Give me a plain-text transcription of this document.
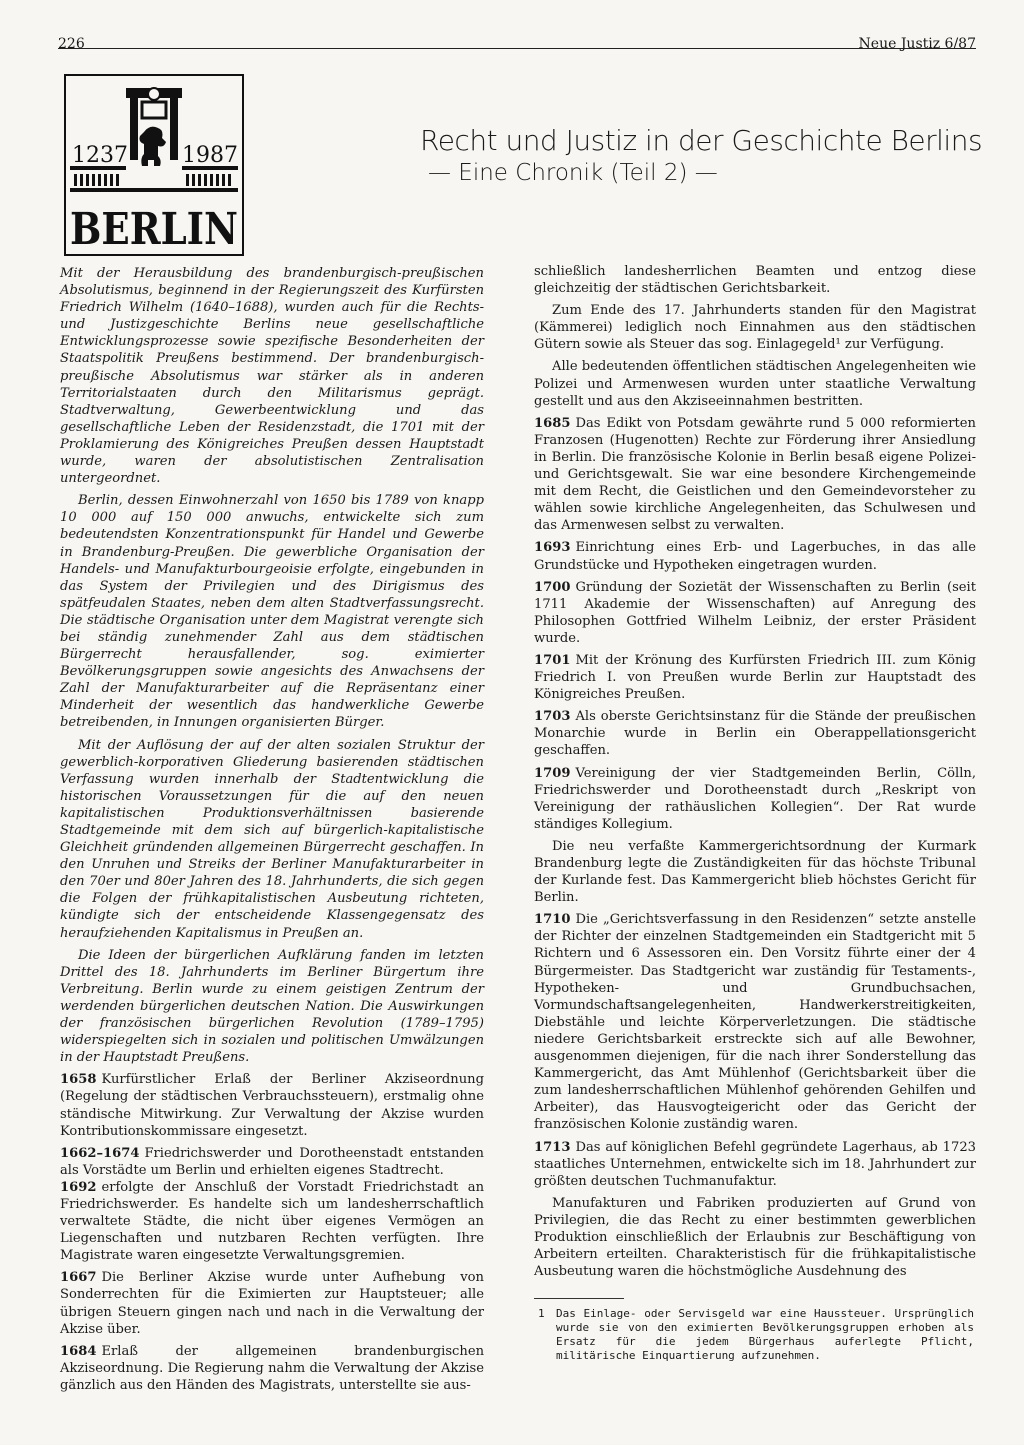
226	Neue Justiz 6/87
1237 1987
BERLIN
Recht und Justiz in der Geschichte Berlins
— Eine Chronik (Teil 2) —

Mit der Herausbildung des brandenburgisch-preußischen Absolutismus, beginnend in der Regierungszeit des Kurfürsten Friedrich Wilhelm (1640–1688), wurden auch für die Rechts- und Justizgeschichte Berlins neue gesellschaftliche Entwicklungsprozesse sowie spezifische Besonderheiten der Staatspolitik Preußens bestimmend. Der brandenburgisch-preußische Absolutismus war stärker als in anderen Territorialstaaten durch den Militarismus geprägt. Stadtverwaltung, Gewerbeentwicklung und das gesellschaftliche Leben der Residenzstadt, die 1701 mit der Proklamierung des Königreiches Preußen dessen Hauptstadt wurde, waren der absolutistischen Zentralisation untergeordnet.

Berlin, dessen Einwohnerzahl von 1650 bis 1789 von knapp 10 000 auf 150 000 anwuchs, entwickelte sich zum bedeutendsten Konzentrationspunkt für Handel und Gewerbe in Brandenburg-Preußen. Die gewerbliche Organisation der Handels- und Manufakturbourgeoisie erfolgte, eingebunden in das System der Privilegien und des Dirigismus des spätfeudalen Staates, neben dem alten Stadtverfassungsrecht. Die städtische Organisation unter dem Magistrat verengte sich bei ständig zunehmender Zahl aus dem städtischen Bürgerrecht herausfallender, sog. eximierter Bevölkerungsgruppen sowie angesichts des Anwachsens der Zahl der Manufakturarbeiter auf die Repräsentanz einer Minderheit der wesentlich das handwerkliche Gewerbe betreibenden, in Innungen organisierten Bürger.

Mit der Auflösung der auf der alten sozialen Struktur der gewerblich-korporativen Gliederung basierenden städtischen Verfassung wurden innerhalb der Stadtentwicklung die historischen Voraussetzungen für die auf den neuen kapitalistischen Produktionsverhältnissen basierende Stadtgemeinde mit dem sich auf bürgerlich-kapitalistische Gleichheit gründenden allgemeinen Bürgerrecht geschaffen. In den Unruhen und Streiks der Berliner Manufakturarbeiter in den 70er und 80er Jahren des 18. Jahrhunderts, die sich gegen die Folgen der frühkapitalistischen Ausbeutung richteten, kündigte sich der entscheidende Klassengegensatz des heraufziehenden Kapitalismus in Preußen an.

Die Ideen der bürgerlichen Aufklärung fanden im letzten Drittel des 18. Jahrhunderts im Berliner Bürgertum ihre Verbreitung. Berlin wurde zu einem geistigen Zentrum der werdenden bürgerlichen deutschen Nation. Die Auswirkungen der französischen bürgerlichen Revolution (1789–1795) widerspiegelten sich in sozialen und politischen Umwälzungen in der Hauptstadt Preußens.

1658 Kurfürstlicher Erlaß der Berliner Akziseordnung (Regelung der städtischen Verbrauchssteuern), erstmalig ohne ständische Mitwirkung. Zur Verwaltung der Akzise wurden Kontributionskommissare eingesetzt.

1662–1674 Friedrichswerder und Dorotheenstadt entstanden als Vorstädte um Berlin und erhielten eigenes Stadtrecht.

1692 erfolgte der Anschluß der Vorstadt Friedrichstadt an Friedrichswerder. Es handelte sich um landesherrschaftlich verwaltete Städte, die nicht über eigenes Vermögen an Liegenschaften und nutzbaren Rechten verfügten. Ihre Magistrate waren eingesetzte Verwaltungsgremien.

1667 Die Berliner Akzise wurde unter Aufhebung von Sonderrechten für die Eximierten zur Hauptsteuer; alle übrigen Steuern gingen nach und nach in die Verwaltung der Akzise über.

1684 Erlaß der allgemeinen brandenburgischen Akziseordnung. Die Regierung nahm die Verwaltung der Akzise gänzlich aus den Händen des Magistrats, unterstellte sie aus-

schließlich landesherrlichen Beamten und entzog diese gleichzeitig der städtischen Gerichtsbarkeit.

Zum Ende des 17. Jahrhunderts standen für den Magistrat (Kämmerei) lediglich noch Einnahmen aus den städtischen Gütern sowie als Steuer das sog. Einlagegeld¹ zur Verfügung.

Alle bedeutenden öffentlichen städtischen Angelegenheiten wie Polizei und Armenwesen wurden unter staatliche Verwaltung gestellt und aus den Akziseeinnahmen bestritten.

1685 Das Edikt von Potsdam gewährte rund 5 000 reformierten Franzosen (Hugenotten) Rechte zur Förderung ihrer Ansiedlung in Berlin. Die französische Kolonie in Berlin besaß eigene Polizei- und Gerichtsgewalt. Sie war eine besondere Kirchengemeinde mit dem Recht, die Geistlichen und den Gemeindevorsteher zu wählen sowie kirchliche Angelegenheiten, das Schulwesen und das Armenwesen selbst zu verwalten.

1693 Einrichtung eines Erb- und Lagerbuches, in das alle Grundstücke und Hypotheken eingetragen wurden.

1700 Gründung der Sozietät der Wissenschaften zu Berlin (seit 1711 Akademie der Wissenschaften) auf Anregung des Philosophen Gottfried Wilhelm Leibniz, der erster Präsident wurde.

1701 Mit der Krönung des Kurfürsten Friedrich III. zum König Friedrich I. von Preußen wurde Berlin zur Hauptstadt des Königreiches Preußen.

1703 Als oberste Gerichtsinstanz für die Stände der preußischen Monarchie wurde in Berlin ein Oberappellationsgericht geschaffen.

1709 Vereinigung der vier Stadtgemeinden Berlin, Cölln, Friedrichswerder und Dorotheenstadt durch „Reskript von Vereinigung der rathäuslichen Kollegien“. Der Rat wurde ständiges Kollegium.

Die neu verfaßte Kammergerichtsordnung der Kurmark Brandenburg legte die Zuständigkeiten für das höchste Tribunal der Kurlande fest. Das Kammergericht blieb höchstes Gericht für Berlin.

1710 Die „Gerichtsverfassung in den Residenzen“ setzte anstelle der Richter der einzelnen Stadtgemeinden ein Stadtgericht mit 5 Richtern und 6 Assessoren ein. Den Vorsitz führte einer der 4 Bürgermeister. Das Stadtgericht war zuständig für Testaments-, Hypotheken- und Grundbuchsachen, Vormundschaftsangelegenheiten, Handwerkerstreitigkeiten, Diebstähle und leichte Körperverletzungen. Die städtische niedere Gerichtsbarkeit erstreckte sich auf alle Bewohner, ausgenommen diejenigen, für die nach ihrer Sonderstellung das Kammergericht, das Amt Mühlenhof (Gerichtsbarkeit über die zum landesherrschaftlichen Mühlenhof gehörenden Gehilfen und Arbeiter), das Hausvogteigericht oder das Gericht der französischen Kolonie zuständig waren.

1713 Das auf königlichen Befehl gegründete Lagerhaus, ab 1723 staatliches Unternehmen, entwickelte sich im 18. Jahrhundert zur größten deutschen Tuchmanufaktur.

Manufakturen und Fabriken produzierten auf Grund von Privilegien, die das Recht zu einer bestimmten gewerblichen Produktion einschließlich der Erlaubnis zur Beschäftigung von Arbeitern erteilten. Charakteristisch für die frühkapitalistische Ausbeutung waren die höchstmögliche Ausdehnung des

1 Das Einlage- oder Servisgeld war eine Haussteuer. Ursprünglich wurde sie von den eximierten Bevölkerungsgruppen erhoben als Ersatz für die jedem Bürgerhaus auferlegte Pflicht, militärische Einquartierung aufzunehmen.
